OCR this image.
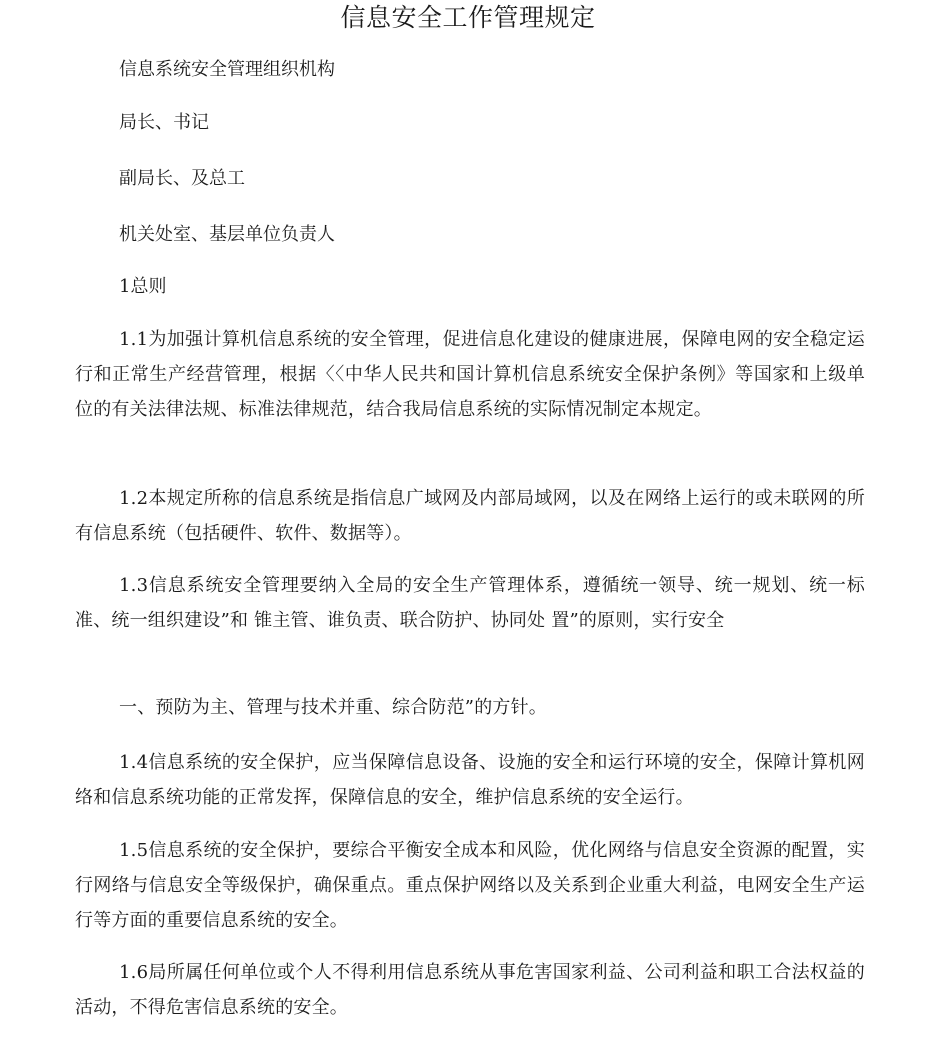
信息安全工作管理规定

信息系统安全管理组织机构

局长、书记

副局长、及总工

机关处室、基层单位负责人

1总则

1.1为加强计算机信息系统的安全管理，促进信息化建设的健康进展，保障电网的安全稳定运行和正常生产经营管理，根据〈〈中华人民共和国计算机信息系统安全保护条例》等国家和上级单位的有关法律法规、标准法律规范，结合我局信息系统的实际情况制定本规定。

1.2本规定所称的信息系统是指信息广域网及内部局域网，以及在网络上运行的或未联网的所有信息系统（包括硬件、软件、数据等）。

1.3信息系统安全管理要纳入全局的安全生产管理体系，遵循统一领导、统一规划、统一标准、统一组织建设”和 锥主管、谁负责、联合防护、协同处 置”的原则，实行安全

一、预防为主、管理与技术并重、综合防范”的方针。

1.4信息系统的安全保护，应当保障信息设备、设施的安全和运行环境的安全，保障计算机网络和信息系统功能的正常发挥，保障信息的安全，维护信息系统的安全运行。

1.5信息系统的安全保护，要综合平衡安全成本和风险，优化网络与信息安全资源的配置，实行网络与信息安全等级保护，确保重点。重点保护网络以及关系到企业重大利益，电网安全生产运行等方面的重要信息系统的安全。

1.6局所属任何单位或个人不得利用信息系统从事危害国家利益、公司利益和职工合法权益的活动，不得危害信息系统的安全。
